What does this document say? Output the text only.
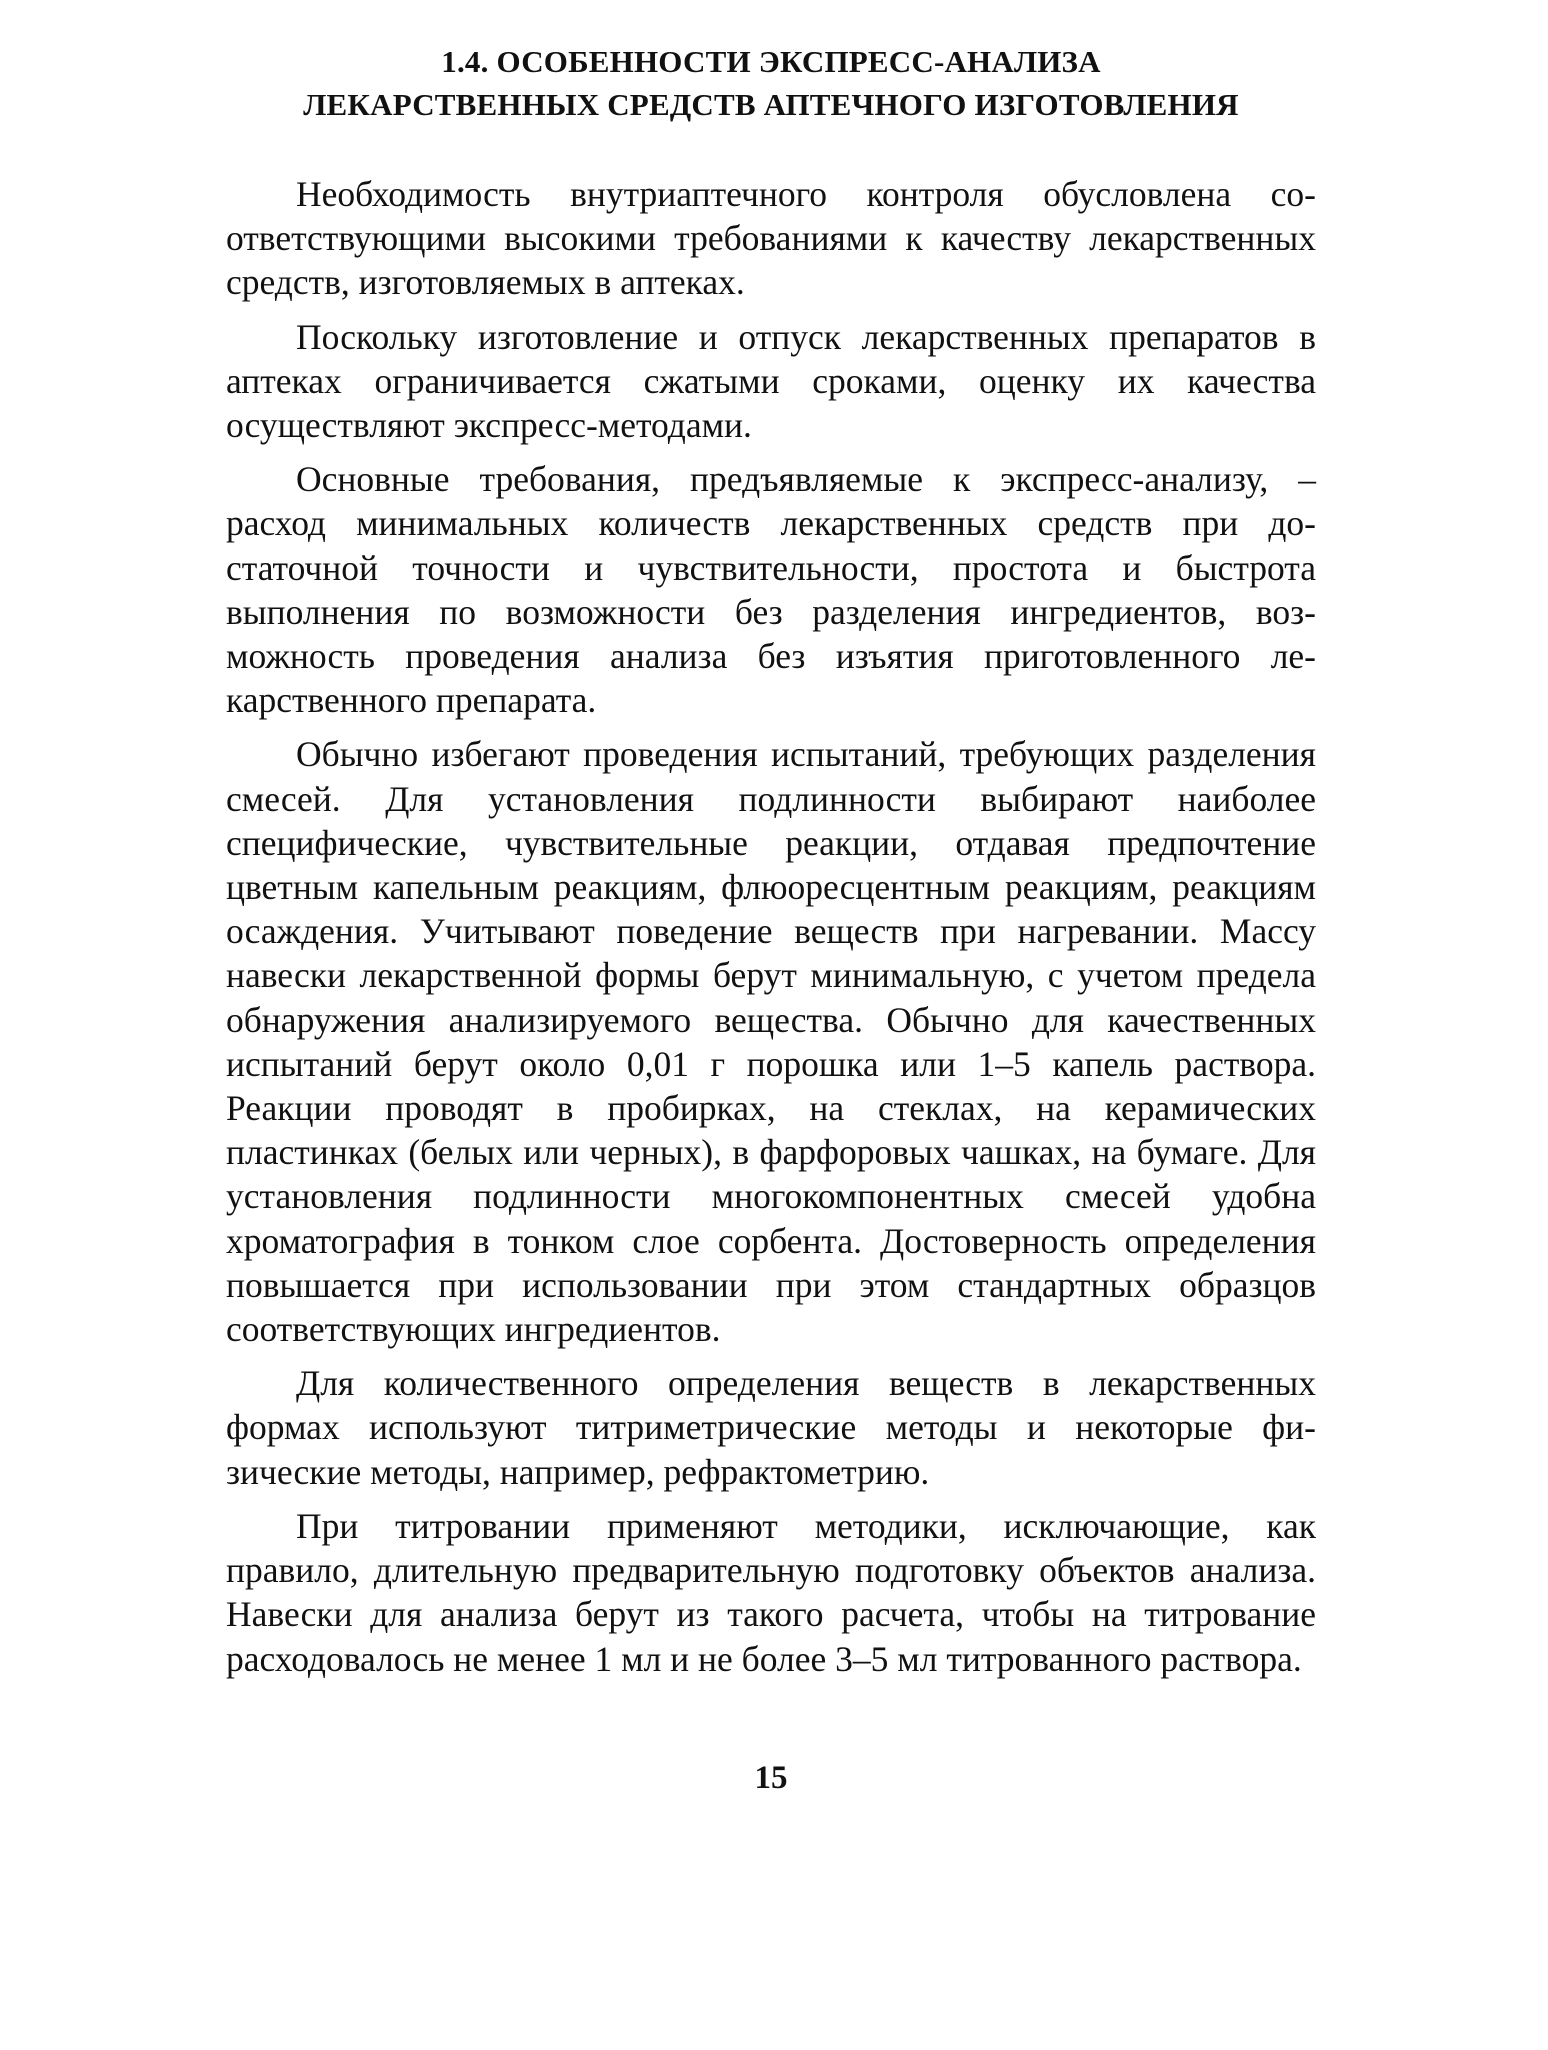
1.4. ОСОБЕННОСТИ ЭКСПРЕСС-АНАЛИЗА
ЛЕКАРСТВЕННЫХ СРЕДСТВ АПТЕЧНОГО ИЗГОТОВЛЕНИЯ

Необходимость внутриаптечного контроля обусловлена соответствующими высокими требованиями к качеству лекарственных средств, изготовляемых в аптеках.

Поскольку изготовление и отпуск лекарственных препаратов в аптеках ограничивается сжатыми сроками, оценку их качества осуществляют экспресс-методами.

Основные требования, предъявляемые к экспресс-анализу, – расход минимальных количеств лекарственных средств при достаточной точности и чувствительности, простота и быстрота выполнения по возможности без разделения ингредиентов, возможность проведения анализа без изъятия приготовленного лекарственного препарата.

Обычно избегают проведения испытаний, требующих разделения смесей. Для установления подлинности выбирают наиболее специфические, чувствительные реакции, отдавая предпочтение цветным капельным реакциям, флюоресцентным реакциям, реакциям осаждения. Учитывают поведение веществ при нагревании. Массу навески лекарственной формы берут минимальную, с учетом предела обнаружения анализируемого вещества. Обычно для качественных испытаний берут около 0,01 г порошка или 1–5 капель раствора. Реакции проводят в пробирках, на стеклах, на керамических пластинках (белых или черных), в фарфоровых чашках, на бумаге. Для установления подлинности многокомпонентных смесей удобна хроматография в тонком слое сорбента. Достоверность определения повышается при использовании при этом стандартных образцов соответствующих ингредиентов.

Для количественного определения веществ в лекарственных формах используют титриметрические методы и некоторые физические методы, например, рефрактометрию.

При титровании применяют методики, исключающие, как правило, длительную предварительную подготовку объектов анализа. Навески для анализа берут из такого расчета, чтобы на титрование расходовалось не менее 1 мл и не более 3–5 мл титрованного раствора.

15
